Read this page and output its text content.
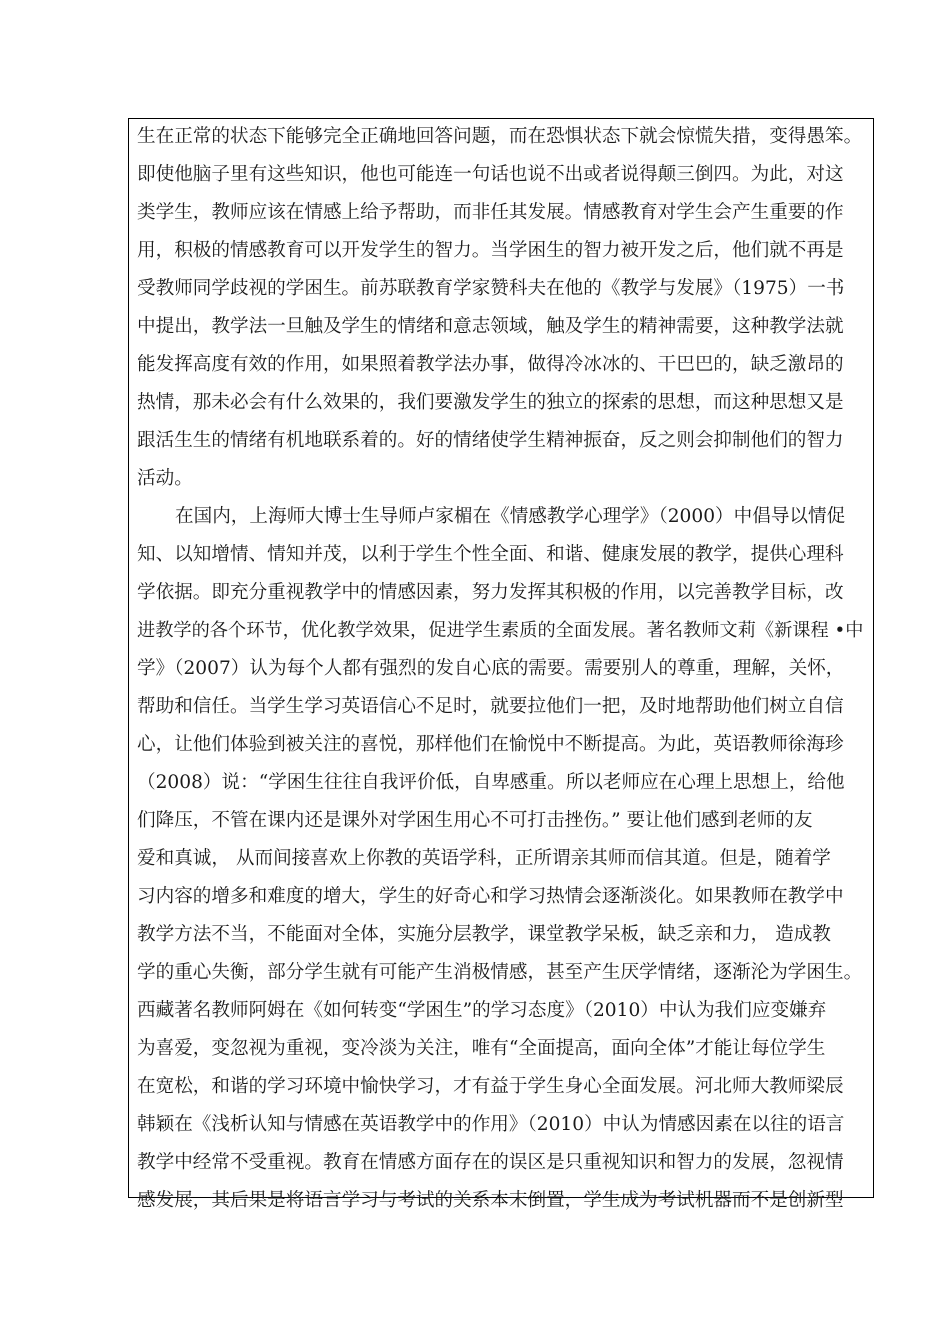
生在正常的状态下能够完全正确地回答问题，而在恐惧状态下就会惊慌失措，变得愚笨。
即使他脑子里有这些知识，他也可能连一句话也说不出或者说得颠三倒四。为此，对这
类学生，教师应该在情感上给予帮助，而非任其发展。情感教育对学生会产生重要的作
用，积极的情感教育可以开发学生的智力。当学困生的智力被开发之后，他们就不再是
受教师同学歧视的学困生。前苏联教育学家赞科夫在他的《教学与发展》（1975）一书
中提出，教学法一旦触及学生的情绪和意志领域，触及学生的精神需要，这种教学法就
能发挥高度有效的作用，如果照着教学法办事，做得冷冰冰的、干巴巴的，缺乏激昂的
热情，那未必会有什么效果的，我们要激发学生的独立的探索的思想，而这种思想又是
跟活生生的情绪有机地联系着的。好的情绪使学生精神振奋，反之则会抑制他们的智力
活动。
在国内，上海师大博士生导师卢家楣在《情感教学心理学》（2000）中倡导以情促
知、以知增情、情知并茂，以利于学生个性全面、和谐、健康发展的教学，提供心理科
学依据。即充分重视教学中的情感因素，努力发挥其积极的作用，以完善教学目标，改
进教学的各个环节，优化教学效果，促进学生素质的全面发展。著名教师文莉《新课程 •中
学》（2007）认为每个人都有强烈的发自心底的需要。需要别人的尊重，理解，关怀，
帮助和信任。当学生学习英语信心不足时，就要拉他们一把，及时地帮助他们树立自信
心，让他们体验到被关注的喜悦，那样他们在愉悦中不断提高。为此，英语教师徐海珍
（2008）说：“学困生往往自我评价低，自卑感重。所以老师应在心理上思想上，给他
们降压，不管在课内还是课外对学困生用心不可打击挫伤。” 要让他们感到老师的友
爱和真诚， 从而间接喜欢上你教的英语学科，正所谓亲其师而信其道。但是，随着学
习内容的增多和难度的增大，学生的好奇心和学习热情会逐渐淡化。如果教师在教学中
教学方法不当，不能面对全体，实施分层教学，课堂教学呆板，缺乏亲和力， 造成教
学的重心失衡，部分学生就有可能产生消极情感，甚至产生厌学情绪，逐渐沦为学困生。
西藏著名教师阿姆在《如何转变“学困生”的学习态度》（2010）中认为我们应变嫌弃
为喜爱，变忽视为重视，变冷淡为关注，唯有“全面提高，面向全体”才能让每位学生
在宽松，和谐的学习环境中愉快学习，才有益于学生身心全面发展。河北师大教师梁辰
韩颖在《浅析认知与情感在英语教学中的作用》（2010）中认为情感因素在以往的语言
教学中经常不受重视。教育在情感方面存在的误区是只重视知识和智力的发展，忽视情
感发展，其后果是将语言学习与考试的关系本末倒置，学生成为考试机器而不是创新型
